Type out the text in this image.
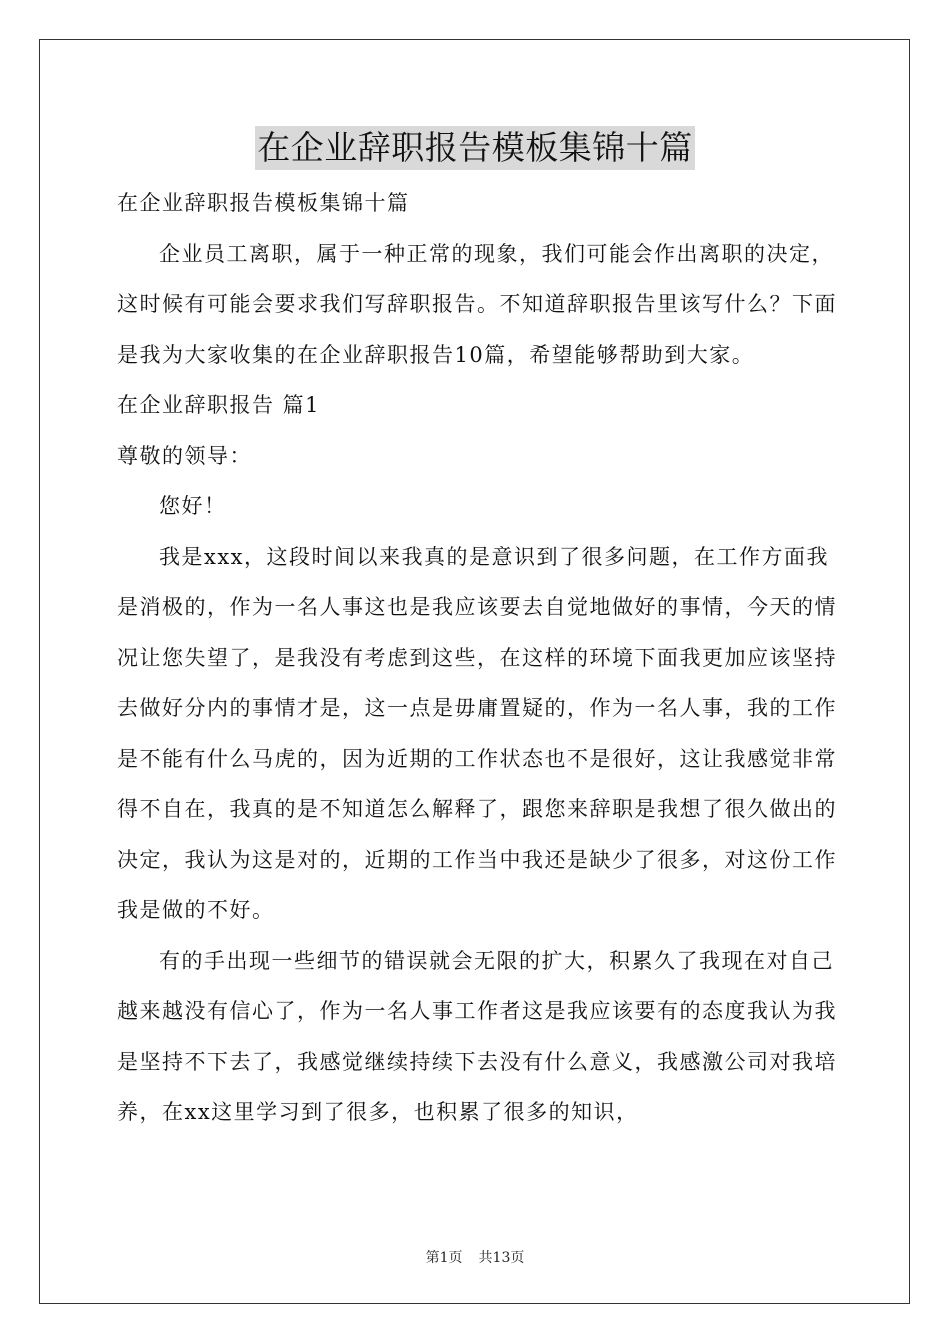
在企业辞职报告模板集锦十篇

在企业辞职报告模板集锦十篇

企业员工离职，属于一种正常的现象，我们可能会作出离职的决定，这时候有可能会要求我们写辞职报告。不知道辞职报告里该写什么？下面是我为大家收集的在企业辞职报告10篇，希望能够帮助到大家。

在企业辞职报告 篇1

尊敬的领导：

您好！

我是xxx，这段时间以来我真的是意识到了很多问题，在工作方面我是消极的，作为一名人事这也是我应该要去自觉地做好的事情，今天的情况让您失望了，是我没有考虑到这些，在这样的环境下面我更加应该坚持去做好分内的事情才是，这一点是毋庸置疑的，作为一名人事，我的工作是不能有什么马虎的，因为近期的工作状态也不是很好，这让我感觉非常得不自在，我真的是不知道怎么解释了，跟您来辞职是我想了很久做出的决定，我认为这是对的，近期的工作当中我还是缺少了很多，对这份工作我是做的不好。

有的手出现一些细节的错误就会无限的扩大，积累久了我现在对自己越来越没有信心了，作为一名人事工作者这是我应该要有的态度我认为我是坚持不下去了，我感觉继续持续下去没有什么意义，我感激公司对我培养，在xx这里学习到了很多，也积累了很多的知识，

第1页 共13页
